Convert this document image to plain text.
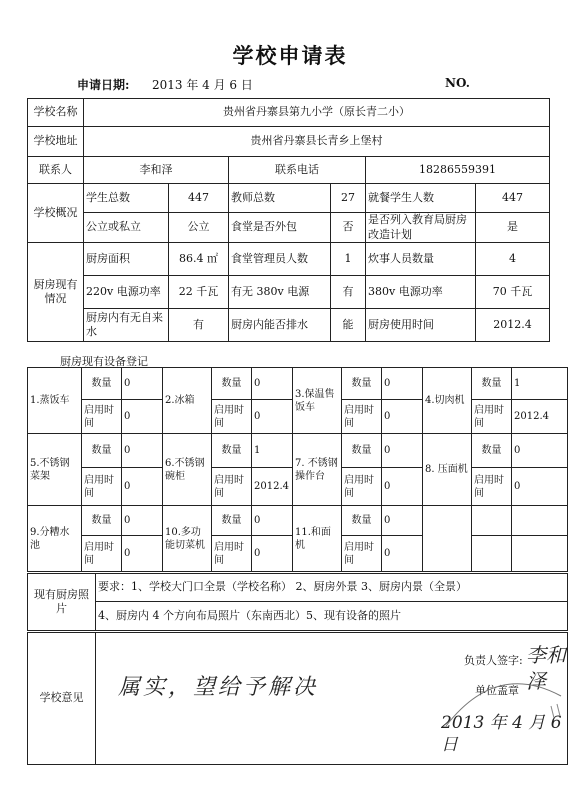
学校申请表
申请日期: 2013 年 4 月 6 日	NO.
学校名称	贵州省丹寨县第九小学（原长青二小）					
学校地址	贵州省丹寨县长青乡上堡村					
联系人	李和泽		联系电话		18286559391	
学校概况	学生总数	447	教师总数	27	就餐学生人数	447
	公立或私立	公立	食堂是否外包	否	是否列入教育局厨房改造计划	是
厨房现有情况	厨房面积	86.4 ㎡	食堂管理员人数	1	炊事人员数量	4
	220v 电源功率	22 千瓦	有无 380v 电源	有	380v 电源功率	70 千瓦
	厨房内有无自来水	有	厨房内能否排水	能	厨房使用时间	2012.4
厨房现有设备登记
1.蒸饭车	数量	0	2.冰箱	数量	0	3.保温售饭车	数量	0	4.切肉机	数量	1
	启用时间	0		启用时间	0		启用时间	0		启用时间	2012.4
5.不锈钢菜架	数量	0	6.不锈钢碗柜	数量	1	7. 不锈钢操作台	数量	0	8. 压面机	数量	0
	启用时间	0		启用时间	2012.4		启用时间	0		启用时间	0
9.分糟水池	数量	0	10.多功能切菜机	数量	0	11.和面机	数量	0			
	启用时间	0		启用时间	0		启用时间	0			
现有厨房照片	要求：1、学校大门口全景（学校名称） 2、厨房外景 3、厨房内景（全景）
4、厨房内 4 个方向布局照片（东南西北）5、现有设备的照片
学校意见	属实，望给予解决
负责人签字: 李和泽
单位盖章
2013 年 4 月 6 日
